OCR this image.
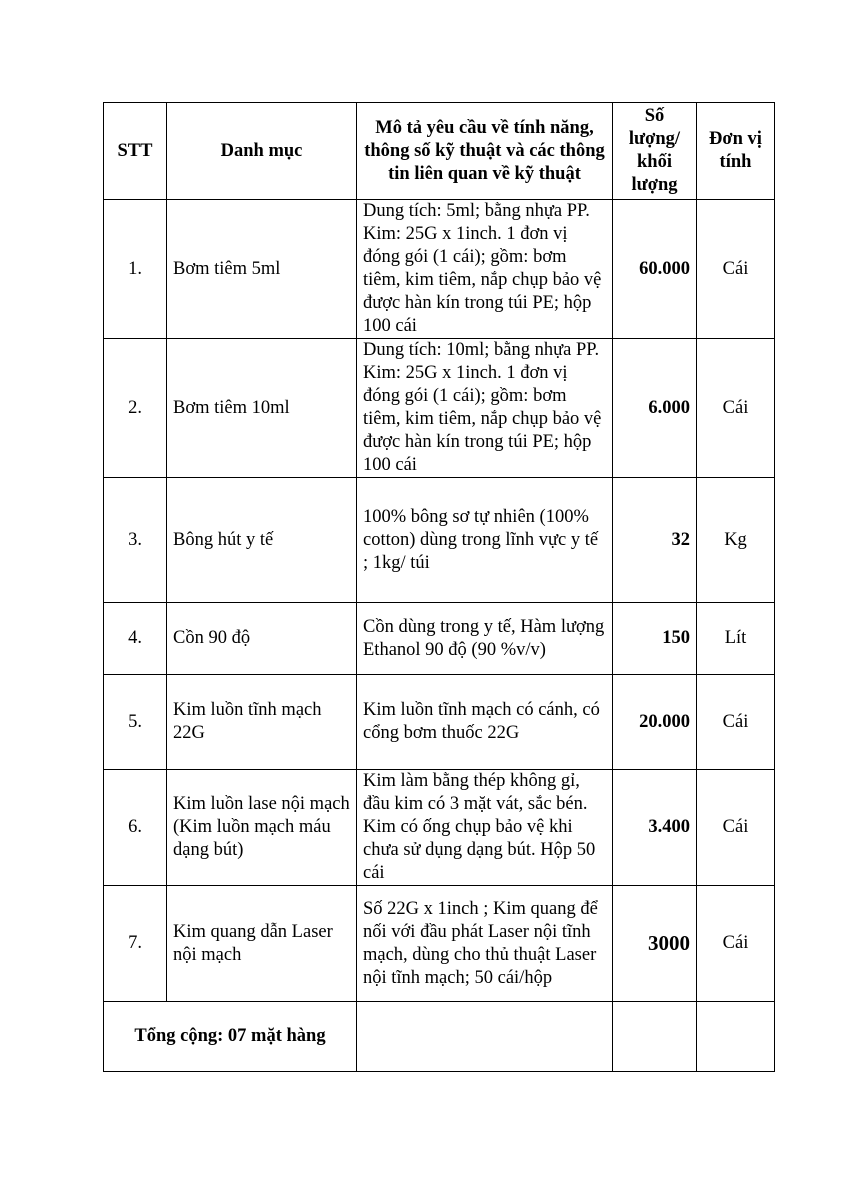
STT	Danh mục	Mô tả yêu cầu về tính năng, thông số kỹ thuật và các thông tin liên quan về kỹ thuật	Số lượng/ khối lượng	Đơn vị tính
1.	Bơm tiêm 5ml	Dung tích: 5ml; bằng nhựa PP. Kim: 25G x 1inch. 1 đơn vị đóng gói (1 cái); gồm: bơm tiêm, kim tiêm, nắp chụp bảo vệ được hàn kín trong túi PE; hộp 100 cái	60.000	Cái
2.	Bơm tiêm 10ml	Dung tích: 10ml; bằng nhựa PP. Kim: 25G x 1inch. 1 đơn vị đóng gói (1 cái); gồm: bơm tiêm, kim tiêm, nắp chụp bảo vệ được hàn kín trong túi PE; hộp 100 cái	6.000	Cái
3.	Bông hút y tế	100% bông sơ tự nhiên (100% cotton) dùng trong lĩnh vực y tế ; 1kg/ túi	32	Kg
4.	Cồn 90 độ	Cồn dùng trong y tế, Hàm lượng Ethanol 90 độ (90 %v/v)	150	Lít
5.	Kim luồn tĩnh mạch 22G	Kim luồn tĩnh mạch có cánh, có cổng bơm thuốc 22G	20.000	Cái
6.	Kim luồn lase nội mạch (Kim luồn mạch máu dạng bút)	Kim làm bằng thép không gỉ, đầu kim có 3 mặt vát, sắc bén. Kim có ống chụp bảo vệ khi chưa sử dụng dạng bút. Hộp 50 cái	3.400	Cái
7.	Kim quang dẫn Laser nội mạch	Số 22G x 1inch ; Kim quang để nối với đầu phát Laser nội tĩnh mạch, dùng cho thủ thuật Laser nội tĩnh mạch; 50 cái/hộp	3000	Cái
Tổng cộng: 07 mặt hàng				
